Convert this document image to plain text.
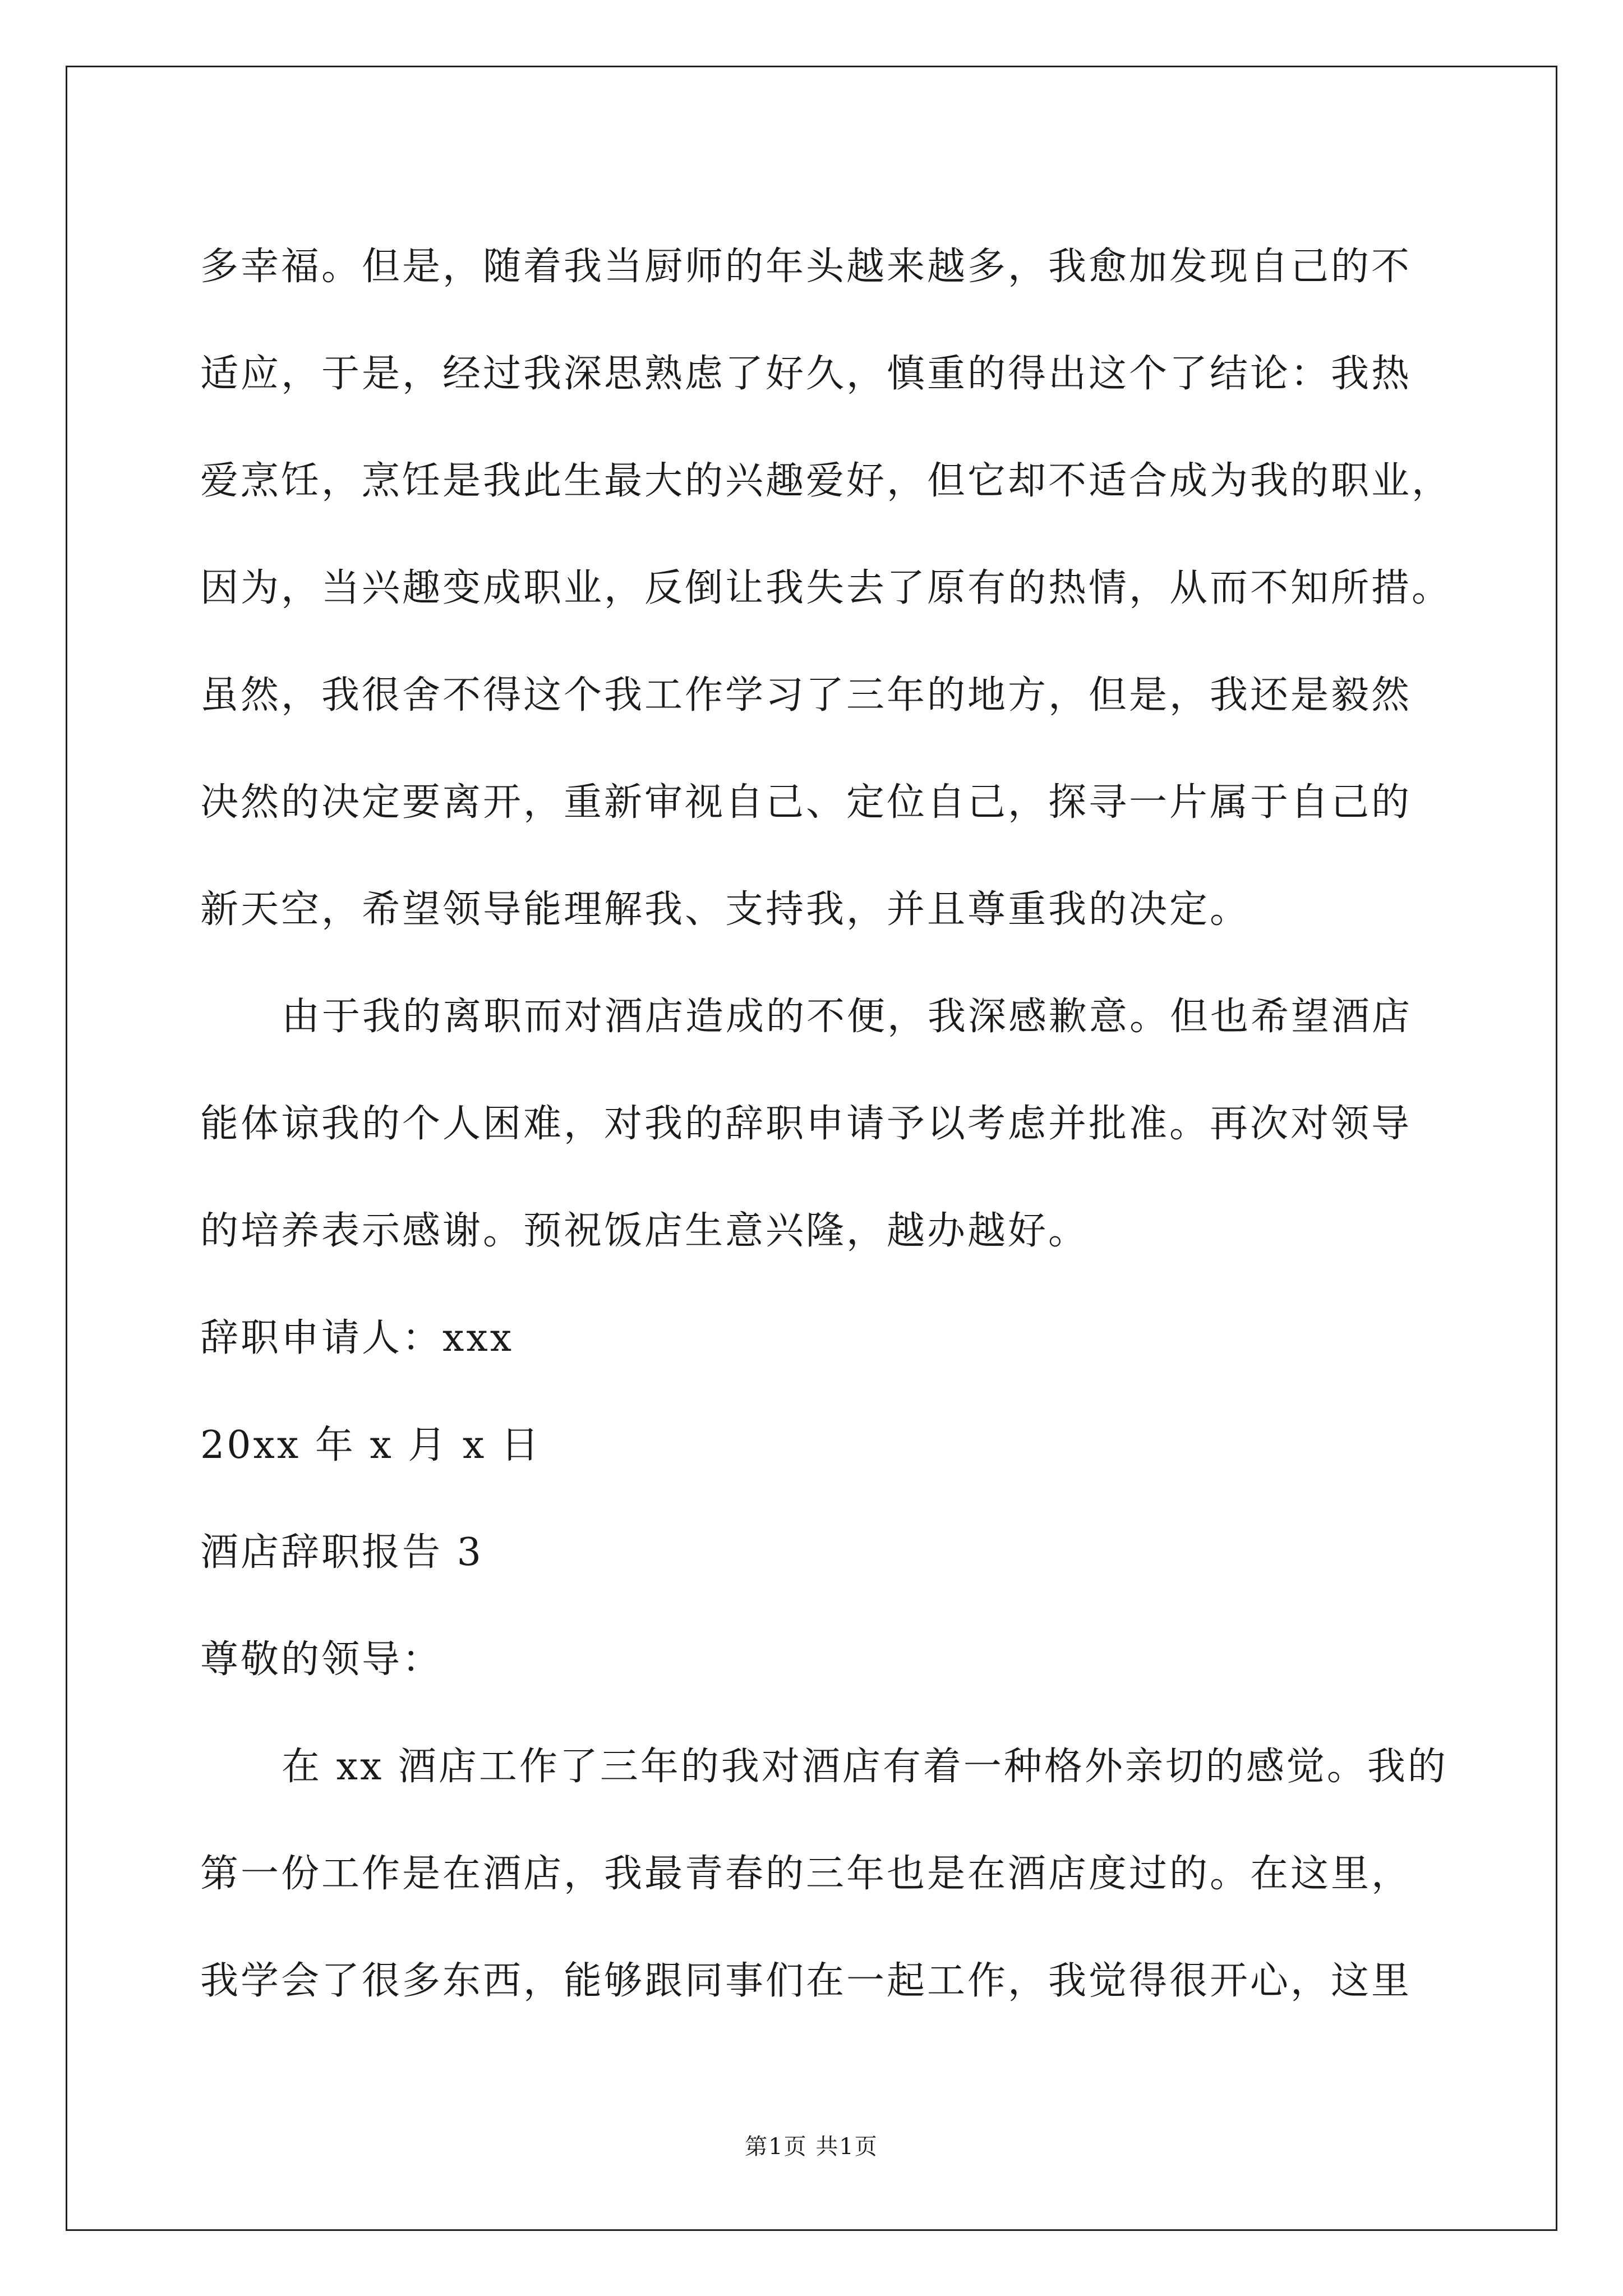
多幸福。但是，随着我当厨师的年头越来越多，我愈加发现自己的不
适应，于是，经过我深思熟虑了好久，慎重的得出这个了结论：我热
爱烹饪，烹饪是我此生最大的兴趣爱好，但它却不适合成为我的职业，
因为，当兴趣变成职业，反倒让我失去了原有的热情，从而不知所措。
虽然，我很舍不得这个我工作学习了三年的地方，但是，我还是毅然
决然的决定要离开，重新审视自己、定位自己，探寻一片属于自己的
新天空，希望领导能理解我、支持我，并且尊重我的决定。
由于我的离职而对酒店造成的不便，我深感歉意。但也希望酒店
能体谅我的个人困难，对我的辞职申请予以考虑并批准。再次对领导
的培养表示感谢。预祝饭店生意兴隆，越办越好。
辞职申请人：xxx
20xx 年 x 月 x 日
酒店辞职报告 3
尊敬的领导：
在 xx 酒店工作了三年的我对酒店有着一种格外亲切的感觉。我的
第一份工作是在酒店，我最青春的三年也是在酒店度过的。在这里，
我学会了很多东西，能够跟同事们在一起工作，我觉得很开心，这里
第1页 共1页
